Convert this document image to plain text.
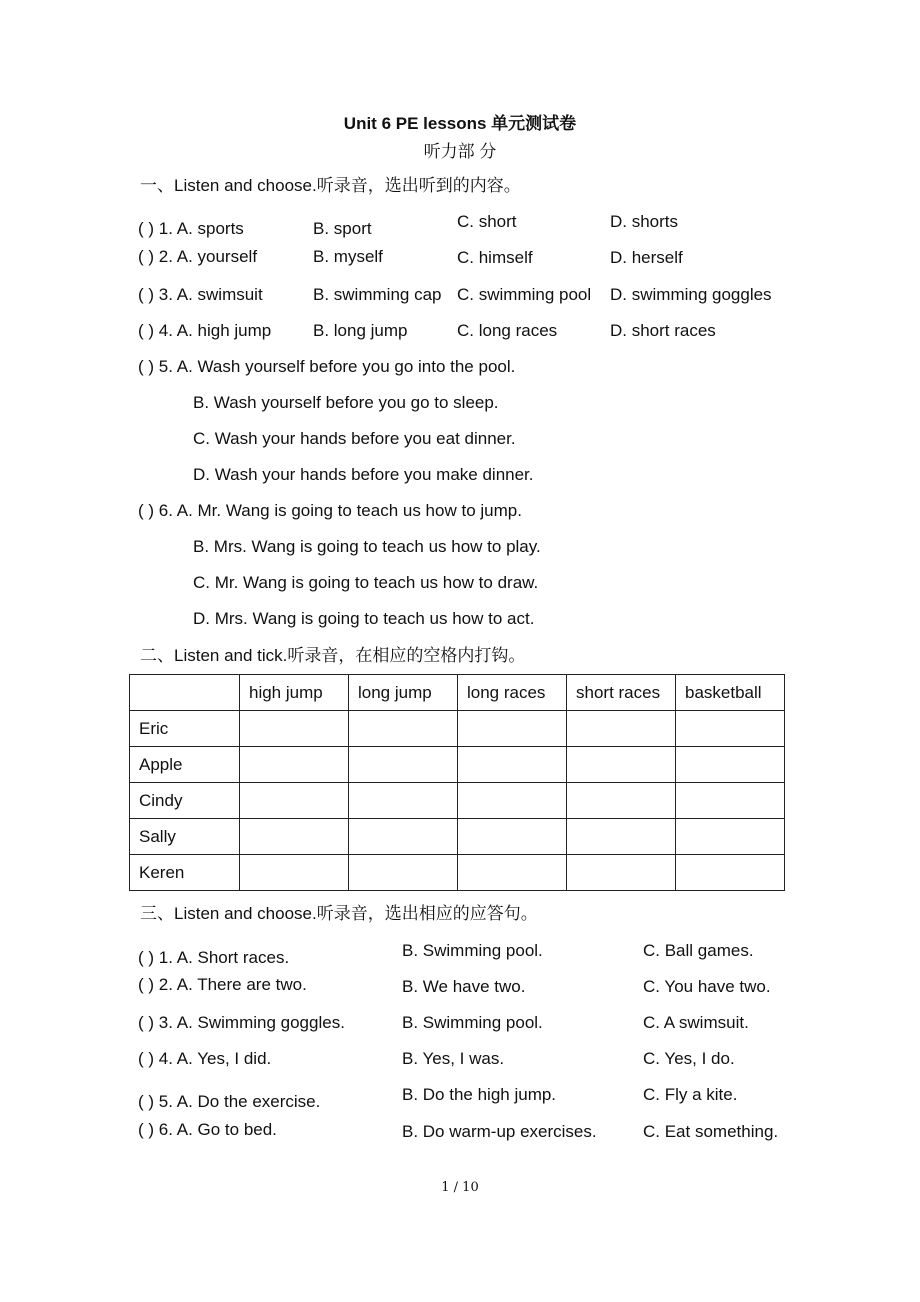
Unit 6 PE lessons 单元测试卷
听力部 分
一、Listen and choose.听录音，选出听到的内容。
( ) 1. A. sports	B. sport	C. short	D. shorts
( ) 2. A. yourself	B. myself	C. himself	D. herself
( ) 3. A. swimsuit	B. swimming cap C. swimming pool D. swimming goggles
( ) 4. A. high jump B. long jump	C. long races	D. short races
( ) 5. A. Wash yourself before you go into the pool.
B. Wash yourself before you go to sleep.
C. Wash your hands before you eat dinner.
D. Wash your hands before you make dinner.
( ) 6. A. Mr. Wang is going to teach us how to jump.
B. Mrs. Wang is going to teach us how to play.
C. Mr. Wang is going to teach us how to draw.
D. Mrs. Wang is going to teach us how to act.
二、Listen and tick.听录音，在相应的空格内打钩。
	high jump	long jump	long races	short races	basketball
Eric					
Apple					
Cindy					
Sally					
Keren					
三、Listen and choose.听录音，选出相应的应答句。
( ) 1. A. Short races.	B. Swimming pool.	C. Ball games.
( ) 2. A. There are two.	B. We have two.	C. You have two.
( ) 3. A. Swimming goggles.	B. Swimming pool.	C. A swimsuit.
( ) 4. A. Yes, I did.	B. Yes, I was.	C. Yes, I do.
( ) 5. A. Do the exercise.	B. Do the high jump.	C. Fly a kite.
( ) 6. A. Go to bed.	B. Do warm-up exercises.	C. Eat something.
1 / 10
